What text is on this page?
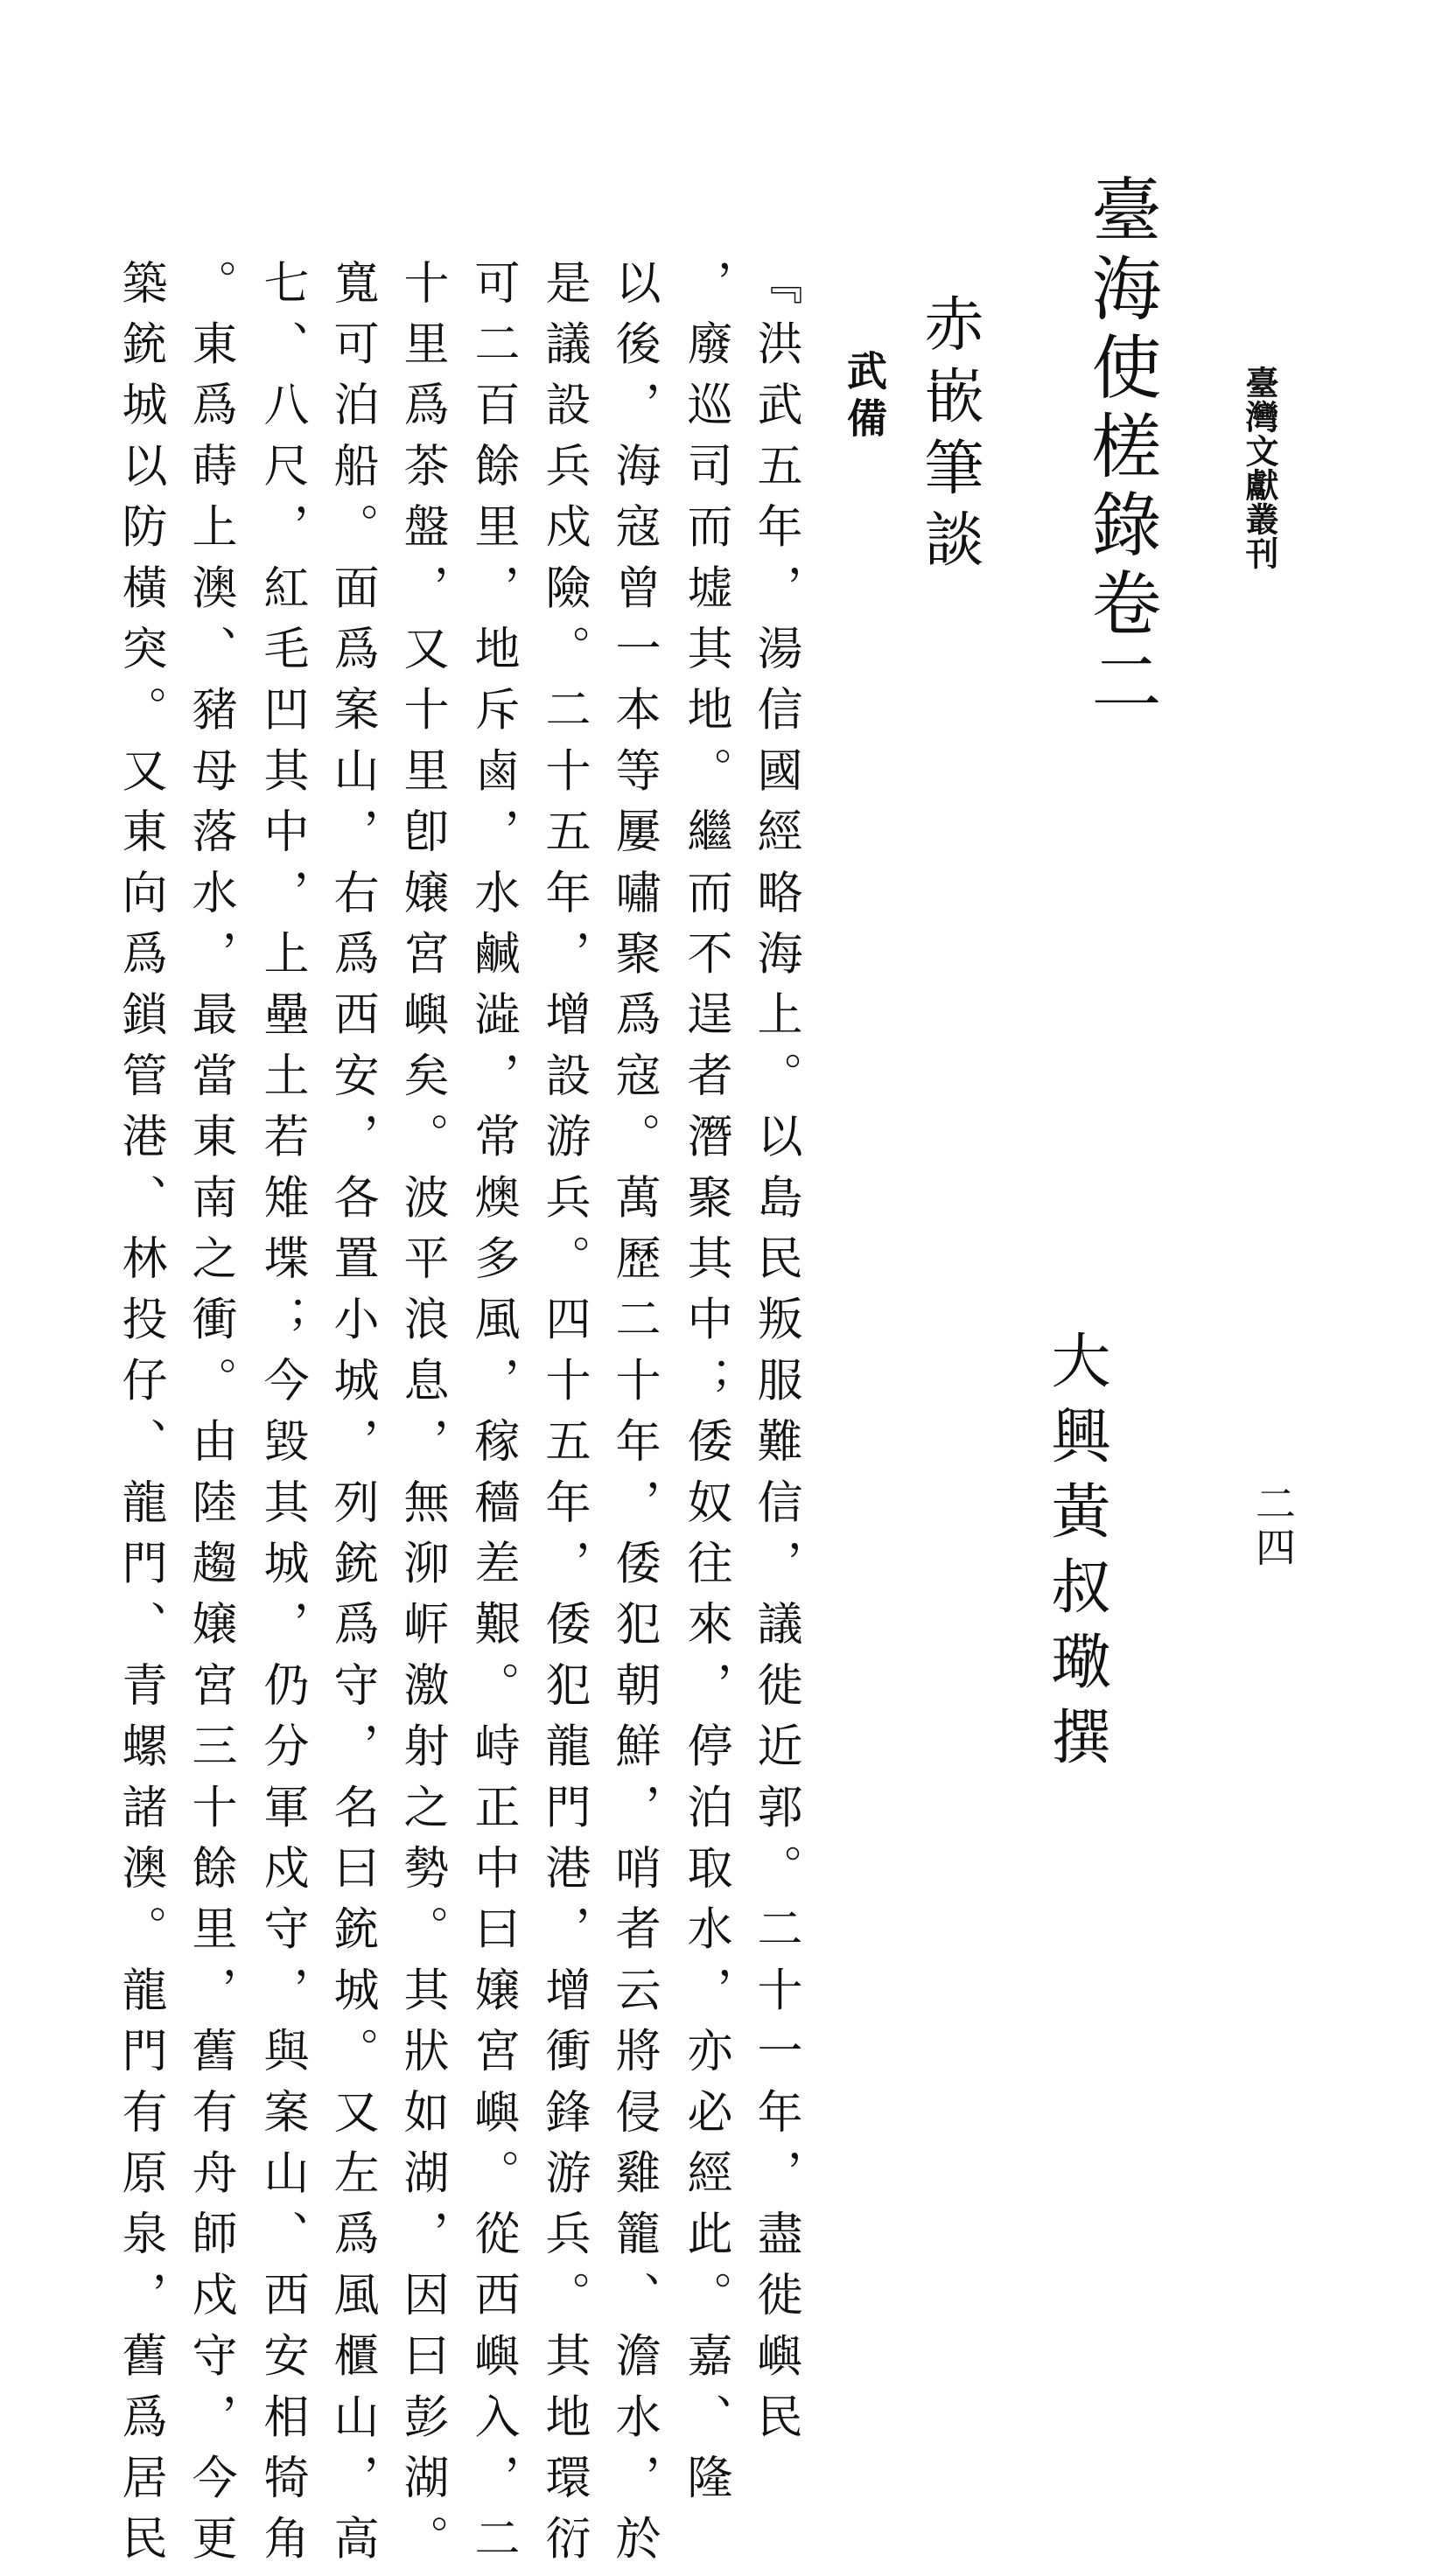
臺灣文獻叢刊
二四
臺海使槎錄卷二
大興黃叔璥撰
赤嵌筆談
武備
『洪武五年，湯信國經略海上。以島民叛服難信，議徙近郭。二十一年，盡徙嶼民
，廢巡司而墟其地。繼而不逞者潛聚其中；倭奴往來，停泊取水，亦必經此。嘉、隆
以後，海寇曾一本等屢嘯聚爲寇。萬歷二十年，倭犯朝鮮，哨者云將侵雞籠、澹水，於
是議設兵戍險。二十五年，增設游兵。四十五年，倭犯龍門港，增衝鋒游兵。其地環衍
可二百餘里，地斥鹵，水鹹澁，常燠多風，稼穡差艱。峙正中曰嬢宮嶼。從西嶼入，二
十里爲茶盤，又十里卽嬢宮嶼矣。波平浪息，無泖㟁激射之勢。其狀如湖，因曰彭湖。
寬可泊船。面爲案山，右爲西安，各置小城，列銃爲守，名曰銃城。又左爲風櫃山，高
七、八尺，紅毛凹其中，上壘土若雉堞；今毀其城，仍分軍戍守，與案山、西安相犄角
。東爲蒔上澳、豬母落水，最當東南之衝。由陸趨嬢宮三十餘里，舊有舟師戍守，今更
築銃城以防橫突。又東向爲鎖管港、林投仔、龍門、青螺諸澳。龍門有原泉，舊爲居民
